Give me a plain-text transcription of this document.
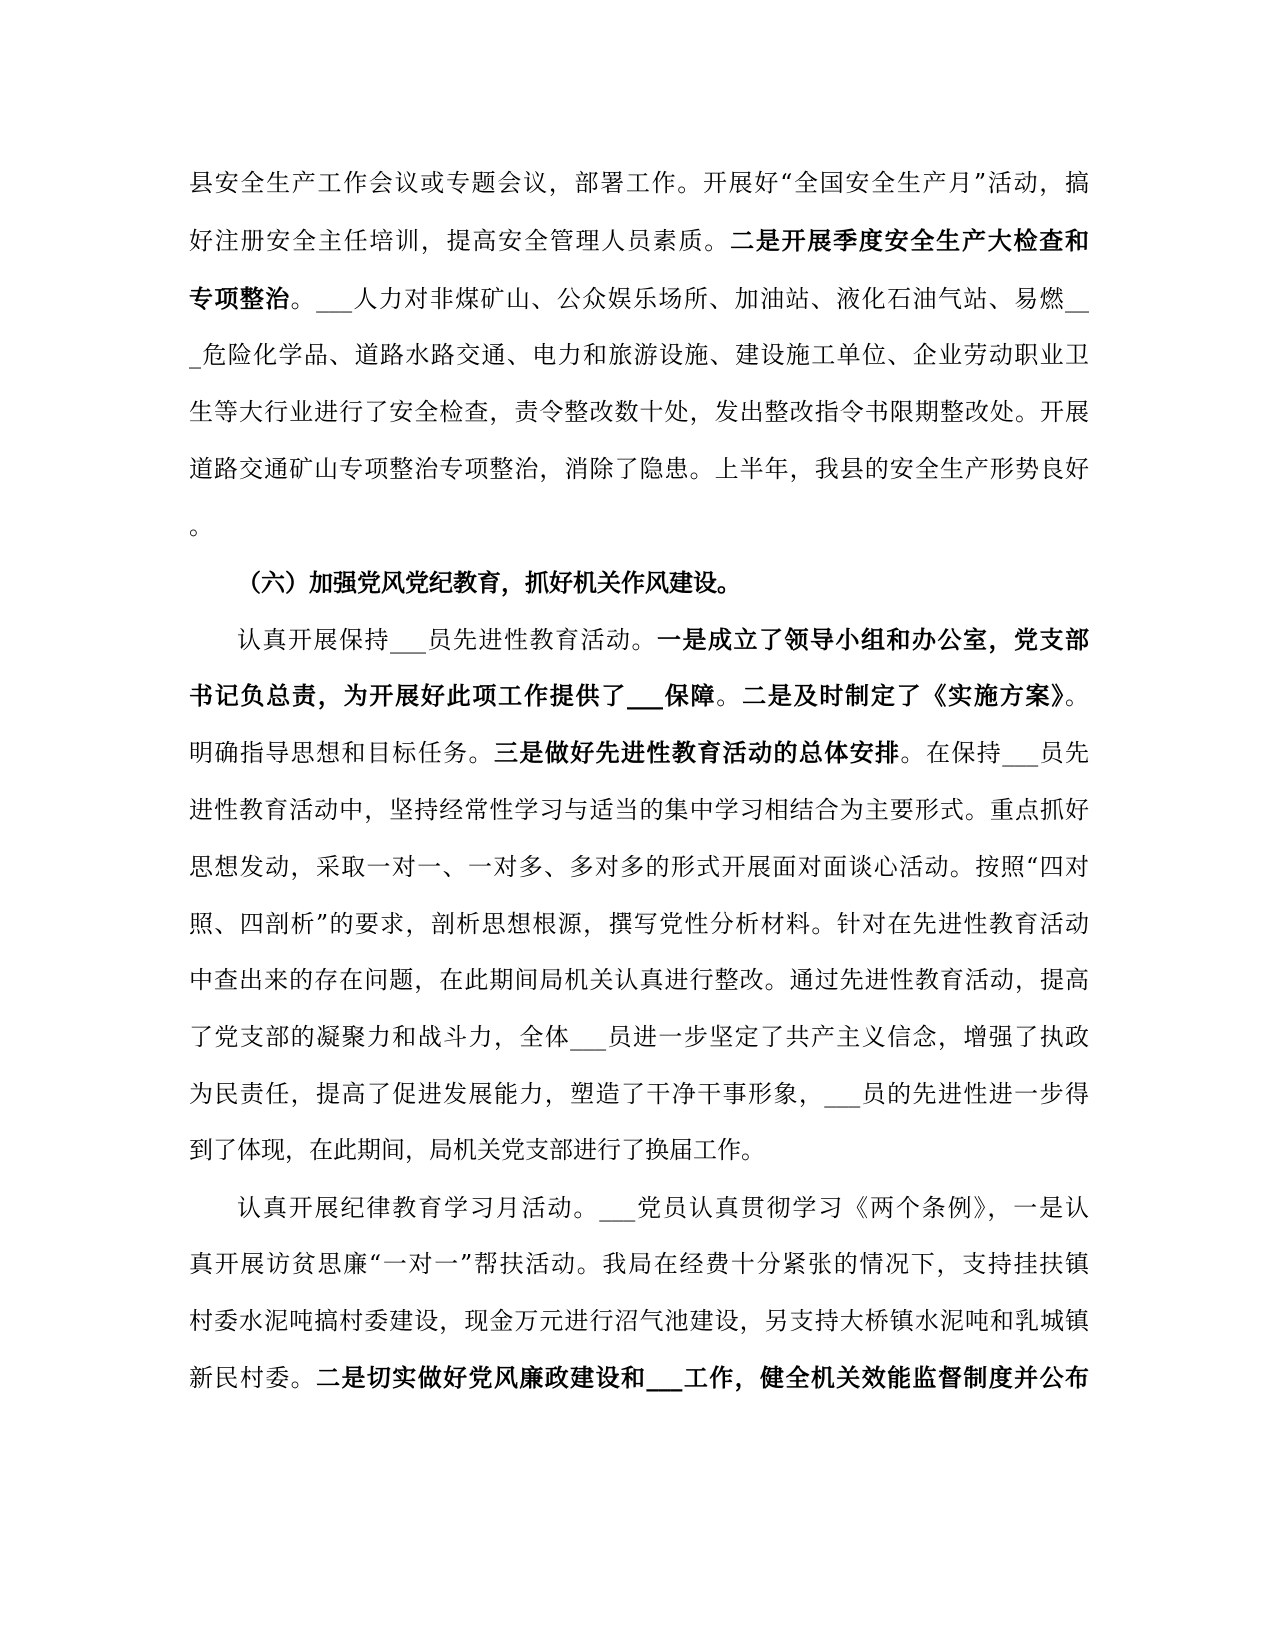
县安全生产工作会议或专题会议，部署工作。开展好“全国安全生产月”活动，搞
好注册安全主任培训，提高安全管理人员素质。二是开展季度安全生产大检查和
专项整治。___人力对非煤矿山、公众娱乐场所、加油站、液化石油气站、易燃__
_危险化学品、道路水路交通、电力和旅游设施、建设施工单位、企业劳动职业卫
生等大行业进行了安全检查，责令整改数十处，发出整改指令书限期整改处。开展
道路交通矿山专项整治专项整治，消除了隐患。上半年，我县的安全生产形势良好
。
（六）加强党风党纪教育，抓好机关作风建设。
认真开展保持___员先进性教育活动。一是成立了领导小组和办公室，党支部
书记负总责，为开展好此项工作提供了___保障。二是及时制定了《实施方案》。
明确指导思想和目标任务。三是做好先进性教育活动的总体安排。在保持___员先
进性教育活动中，坚持经常性学习与适当的集中学习相结合为主要形式。重点抓好
思想发动，采取一对一、一对多、多对多的形式开展面对面谈心活动。按照“四对
照、四剖析”的要求，剖析思想根源，撰写党性分析材料。针对在先进性教育活动
中查出来的存在问题，在此期间局机关认真进行整改。通过先进性教育活动，提高
了党支部的凝聚力和战斗力，全体___员进一步坚定了共产主义信念，增强了执政
为民责任，提高了促进发展能力，塑造了干净干事形象，___员的先进性进一步得
到了体现，在此期间，局机关党支部进行了换届工作。
认真开展纪律教育学习月活动。___党员认真贯彻学习《两个条例》，一是认
真开展访贫思廉“一对一”帮扶活动。我局在经费十分紧张的情况下，支持挂扶镇
村委水泥吨搞村委建设，现金万元进行沼气池建设，另支持大桥镇水泥吨和乳城镇
新民村委。二是切实做好党风廉政建设和___工作，健全机关效能监督制度并公布
